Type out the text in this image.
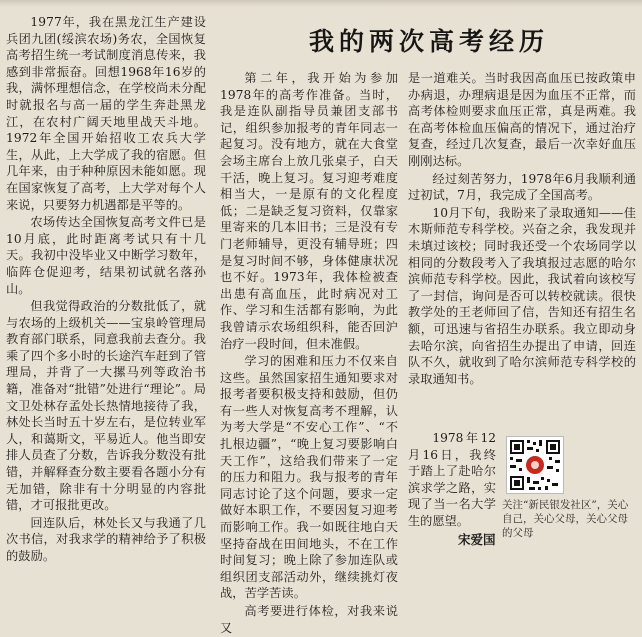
1977年，我在黑龙江生产建设兵团九团(绥滨农场)务农，全国恢复高考招生统一考试制度消息传来，我感到非常振奋。回想1968年16岁的我，满怀理想信念，在学校尚未分配时就报名与高一届的学生奔赴黑龙江，在农村广阔天地里战天斗地。1972年全国开始招收工农兵大学生，从此，上大学成了我的宿愿。但几年来，由于种种原因未能如愿。现在国家恢复了高考，上大学对每个人来说，只要努力机遇都是平等的。

农场传达全国恢复高考文件已是10月底，此时距离考试只有十几天。我初中没毕业又中断学习数年，临阵仓促迎考，结果初试就名落孙山。

但我觉得政治的分数批低了，就与农场的上级机关——宝泉岭管理局教育部门联系，同意我前去查分。我乘了四个多小时的长途汽车赶到了管理局，并背了一大摞马列等政治书籍，准备对“批错”处进行“理论”。局文卫处林存孟处长热情地接待了我，林处长当时五十岁左右，是位转业军人，和蔼斯文，平易近人。他当即安排人员查了分数，告诉我分数没有批错，并解释查分数主要看各题小分有无加错，除非有十分明显的内容批错，才可报批更改。

回连队后，林处长又与我通了几次书信，对我求学的精神给予了积极的鼓励。

我的两次高考经历

第二年，我开始为参加1978年的高考作准备。当时，我是连队副指导员兼团支部书记，组织参加报考的青年同志一起复习。没有地方，就在大食堂会场主席台上放几张桌子，白天干活，晚上复习。复习迎考难度相当大，一是原有的文化程度低；二是缺乏复习资料，仅靠家里寄来的几本旧书；三是没有专门老师辅导，更没有辅导班；四是复习时间不够，身体健康状况也不好。1973年，我体检被查出患有高血压，此时病况对工作、学习和生活都有影响，为此我曾请示农场组织科，能否回沪治疗一段时间，但未准假。

学习的困难和压力不仅来自这些。虽然国家招生通知要求对报考者要积极支持和鼓励，但仍有一些人对恢复高考不理解，认为考大学是“不安心工作”、“不扎根边疆”，“晚上复习要影响白天工作”，这给我们带来了一定的压力和阻力。我与报考的青年同志讨论了这个问题，要求一定做好本职工作，不要因复习迎考而影响工作。我一如既往地白天坚持奋战在田间地头，不在工作时间复习；晚上除了参加连队或组织团支部活动外，继续挑灯夜战，苦学苦读。

高考要进行体检，对我来说又

是一道难关。当时我因高血压已按政策申办病退，办理病退是因为血压不正常，而高考体检则要求血压正常，真是两难。我在高考体检血压偏高的情况下，通过治疗复查，经过几次复查，最后一次幸好血压刚刚达标。

经过刻苦努力，1978年6月我顺利通过初试，7月，我完成了全国高考。

10月下旬，我盼来了录取通知——佳木斯师范专科学校。兴奋之余，我发现并未填过该校；同时我还受一个农场同学以相同的分数段考入了我填报过志愿的哈尔滨师范专科学校。因此，我试着向该校写了一封信，询问是否可以转校就读。很快教学处的王老师回了信，告知还有招生名额，可迅速与省招生办联系。我立即动身去哈尔滨，向省招生办提出了申请，回连队不久，就收到了哈尔滨师范专科学校的录取通知书。

1978年12月16日，我终于踏上了赴哈尔滨求学之路，实现了当一名大学生的愿望。

宋爱国
关注“新民银发社区”，关心自己，关心父母，关心父母的父母
